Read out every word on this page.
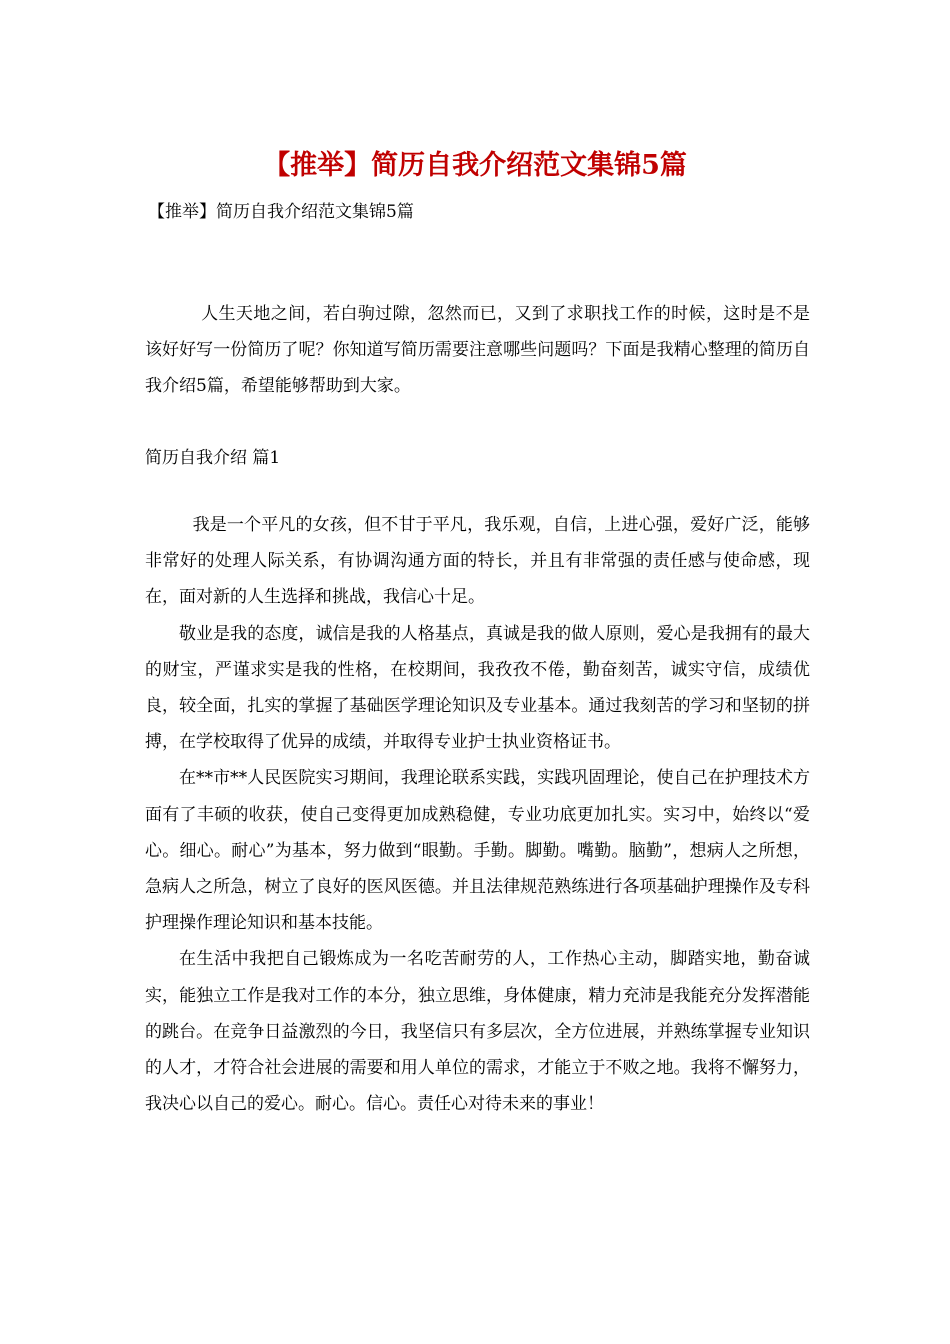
【推举】简历自我介绍范文集锦5篇
【推举】简历自我介绍范文集锦5篇

人生天地之间，若白驹过隙，忽然而已，又到了求职找工作的时候，这时是不是该好好写一份简历了呢？你知道写简历需要注意哪些问题吗？下面是我精心整理的简历自我介绍5篇，希望能够帮助到大家。

简历自我介绍 篇1

我是一个平凡的女孩，但不甘于平凡，我乐观，自信，上进心强，爱好广泛，能够非常好的处理人际关系，有协调沟通方面的特长，并且有非常强的责任感与使命感，现在，面对新的人生选择和挑战，我信心十足。

敬业是我的态度，诚信是我的人格基点，真诚是我的做人原则，爱心是我拥有的最大的财宝，严谨求实是我的性格，在校期间，我孜孜不倦，勤奋刻苦，诚实守信，成绩优良，较全面，扎实的掌握了基础医学理论知识及专业基本。通过我刻苦的学习和坚韧的拼搏，在学校取得了优异的成绩，并取得专业护士执业资格证书。

在**市**人民医院实习期间，我理论联系实践，实践巩固理论，使自己在护理技术方面有了丰硕的收获，使自己变得更加成熟稳健，专业功底更加扎实。实习中，始终以“爱心。细心。耐心”为基本，努力做到“眼勤。手勤。脚勤。嘴勤。脑勤”，想病人之所想，急病人之所急，树立了良好的医风医德。并且法律规范熟练进行各项基础护理操作及专科护理操作理论知识和基本技能。

在生活中我把自己锻炼成为一名吃苦耐劳的人，工作热心主动，脚踏实地，勤奋诚实，能独立工作是我对工作的本分，独立思维，身体健康，精力充沛是我能充分发挥潜能的跳台。在竞争日益激烈的今日，我坚信只有多层次，全方位进展，并熟练掌握专业知识的人才，才符合社会进展的需要和用人单位的需求，才能立于不败之地。我将不懈努力，我决心以自己的爱心。耐心。信心。责任心对待未来的事业！
